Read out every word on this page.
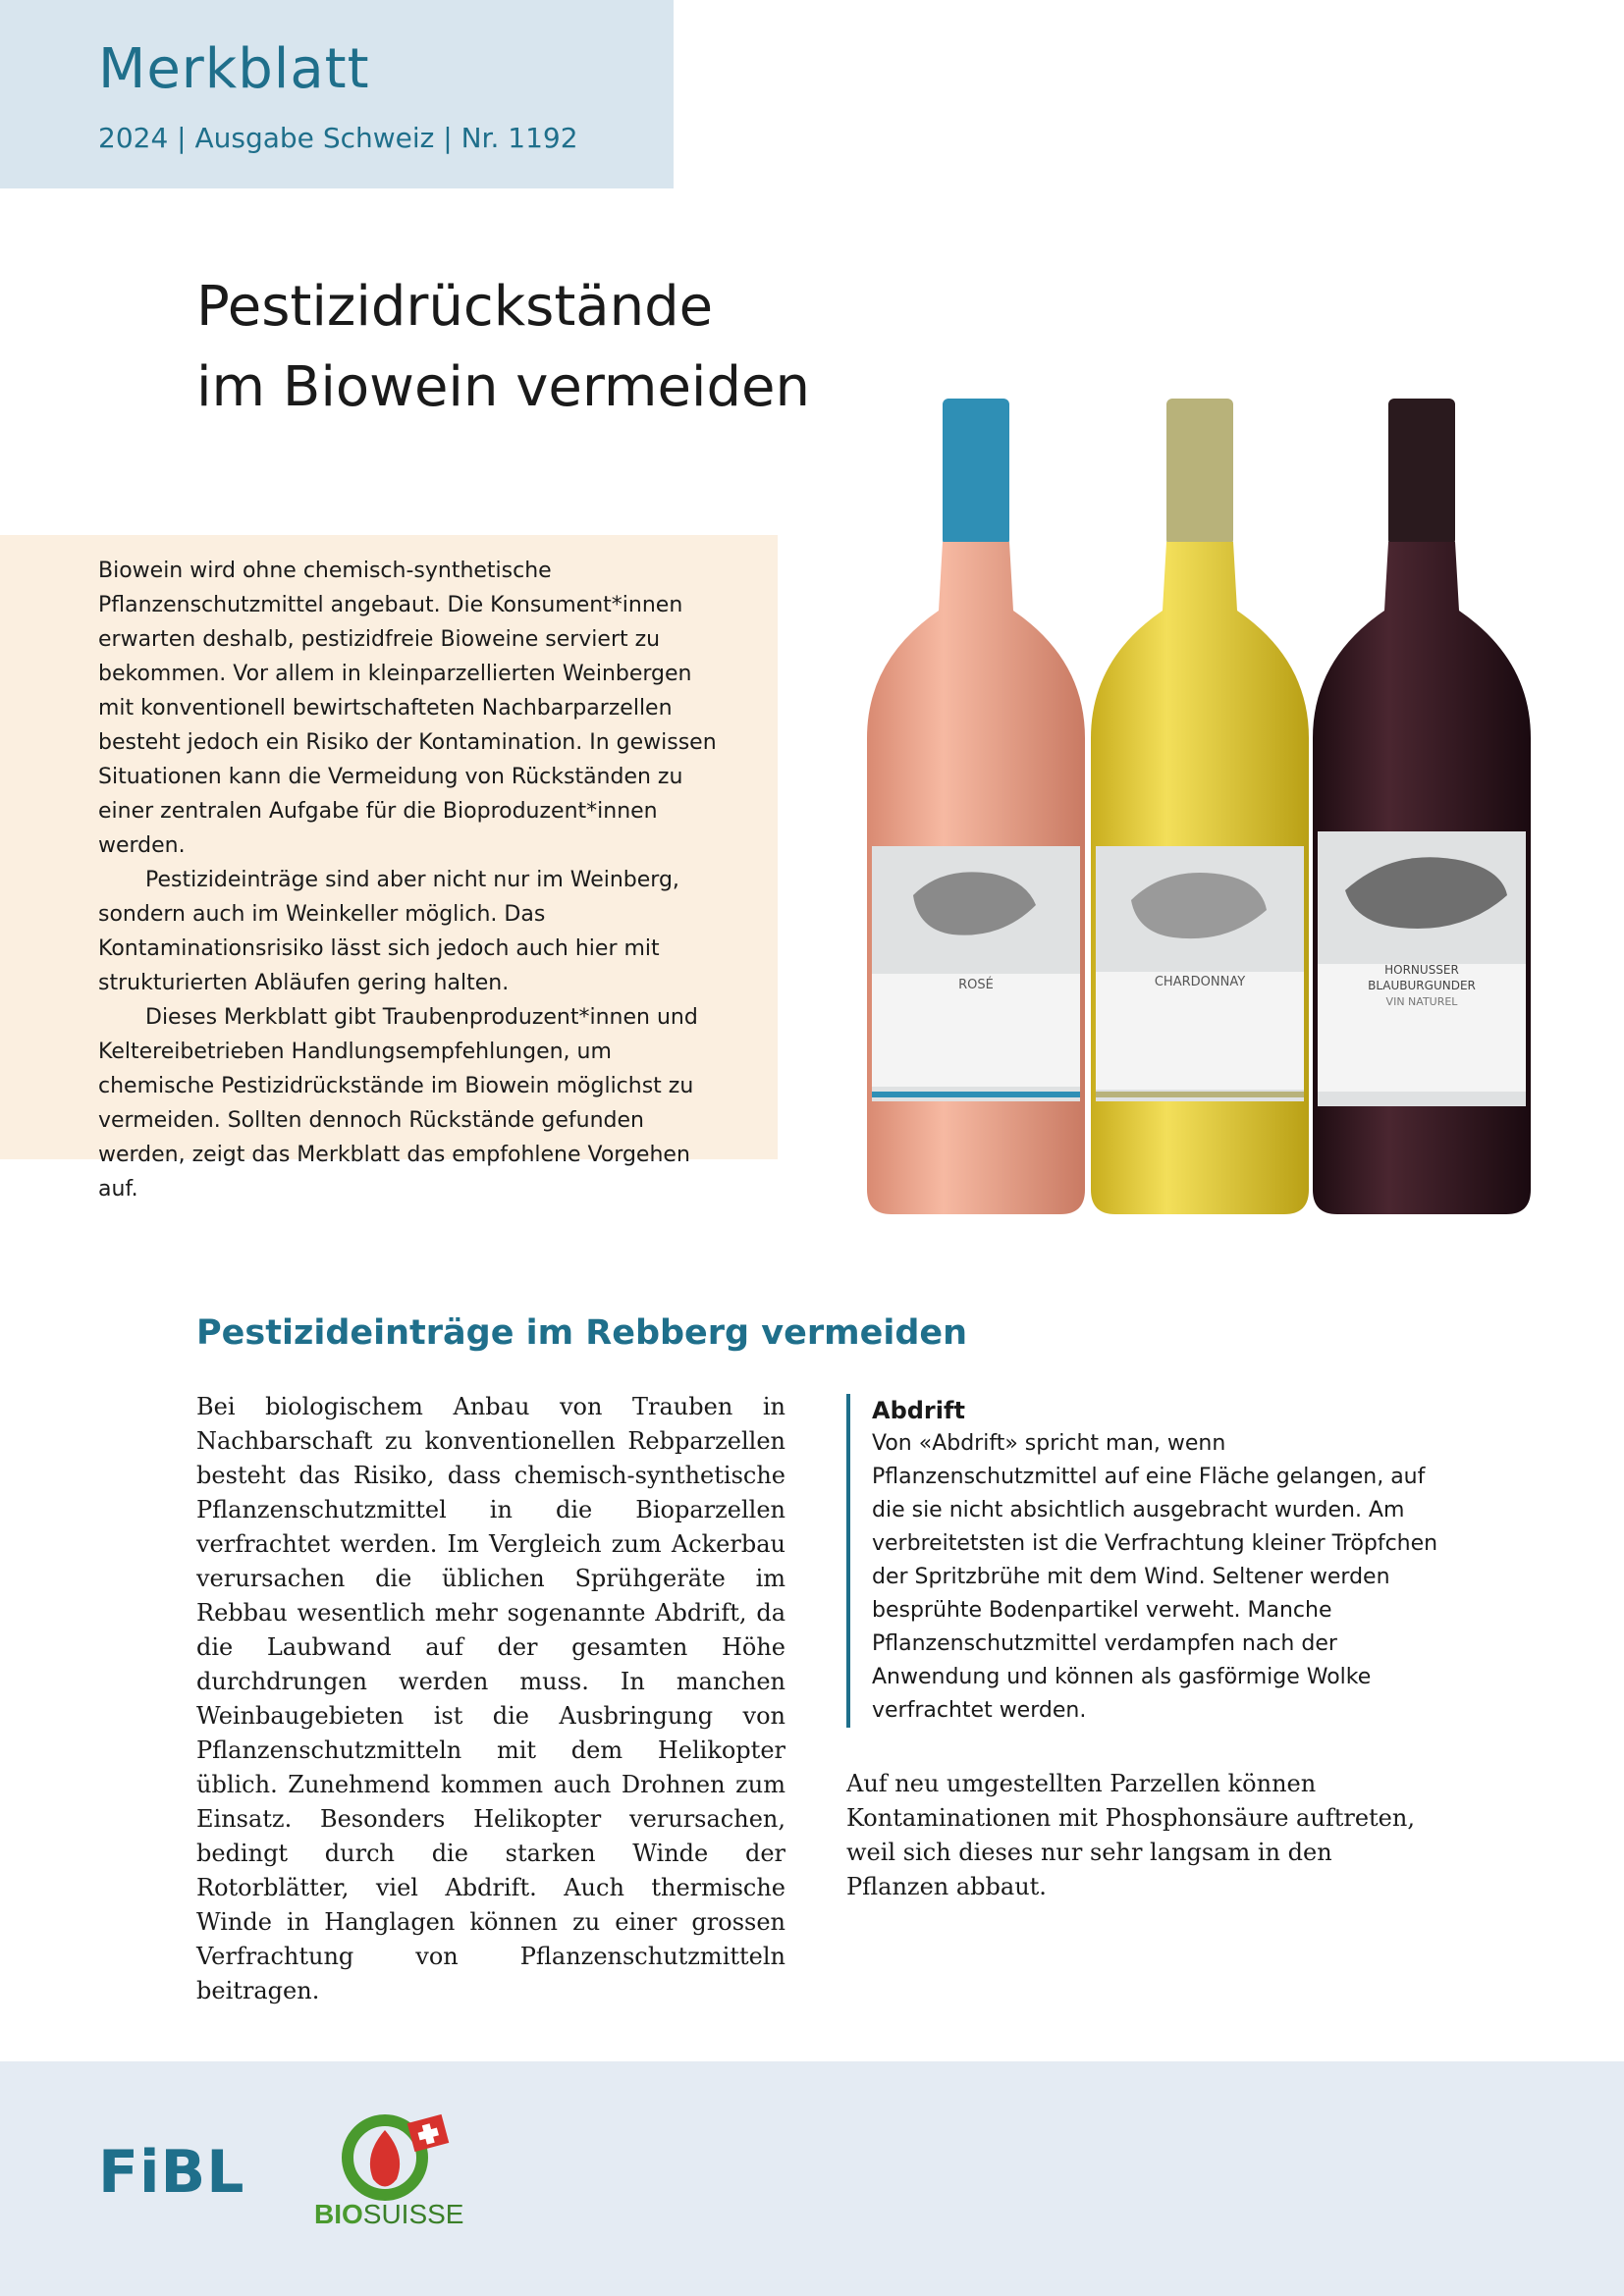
Merkblatt
2024 | Ausgabe Schweiz | Nr. 1192
Pestizidrückstände
im Biowein vermeiden

Biowein wird ohne chemisch-synthetische Pflanzenschutzmittel angebaut. Die Konsument*innen erwarten deshalb, pestizidfreie Bioweine serviert zu bekommen. Vor allem in kleinparzellierten Weinbergen mit konventionell bewirtschafteten Nachbarparzellen besteht jedoch ein Risiko der Kontamination. In gewissen Situationen kann die Vermeidung von Rückständen zu einer zentralen Aufgabe für die Bioproduzent*innen werden.

Pestizideinträge sind aber nicht nur im Weinberg, sondern auch im Weinkeller möglich. Das Kontaminationsrisiko lässt sich jedoch auch hier mit strukturierten Abläufen gering halten.

Dieses Merkblatt gibt Traubenproduzent*innen und Keltereibetrieben Handlungsempfehlungen, um chemische Pestizidrückstände im Biowein möglichst zu vermeiden. Sollten dennoch Rückstände gefunden werden, zeigt das Merkblatt das empfohlene Vorgehen auf.

ROSÉ	CHARDONNAY
HORNUSSER
BLAUBURGUNDER
VIN NATUREL
Pestizideinträge im Rebberg vermeiden

Bei biologischem Anbau von Trauben in Nachbarschaft zu konventionellen Rebparzellen besteht das Risiko, dass chemisch-synthetische Pflanzenschutzmittel in die Bioparzellen verfrachtet werden. Im Vergleich zum Ackerbau verursachen die üblichen Sprühgeräte im Rebbau wesentlich mehr sogenannte Abdrift, da die Laubwand auf der gesamten Höhe durchdrungen werden muss. In manchen Weinbaugebieten ist die Ausbringung von Pflanzenschutzmitteln mit dem Helikopter üblich. Zunehmend kommen auch Drohnen zum Einsatz. Besonders Helikopter verursachen, bedingt durch die starken Winde der Rotorblätter, viel Abdrift. Auch thermische Winde in Hanglagen können zu einer grossen Verfrachtung von Pflanzenschutzmitteln beitragen.

Abdrift

Von «Abdrift» spricht man, wenn Pflanzenschutzmittel auf eine Fläche gelangen, auf die sie nicht absichtlich ausgebracht wurden. Am verbreitetsten ist die Verfrachtung kleiner Tröpfchen der Spritzbrühe mit dem Wind. Seltener werden besprühte Bodenpartikel verweht. Manche Pflanzenschutzmittel verdampfen nach der Anwendung und können als gasförmige Wolke verfrachtet werden.

Auf neu umgestellten Parzellen können Kontaminationen mit Phosphonsäure auftreten, weil sich dieses nur sehr langsam in den Pflanzen abbaut.

FiBL
BIOSUISSE
